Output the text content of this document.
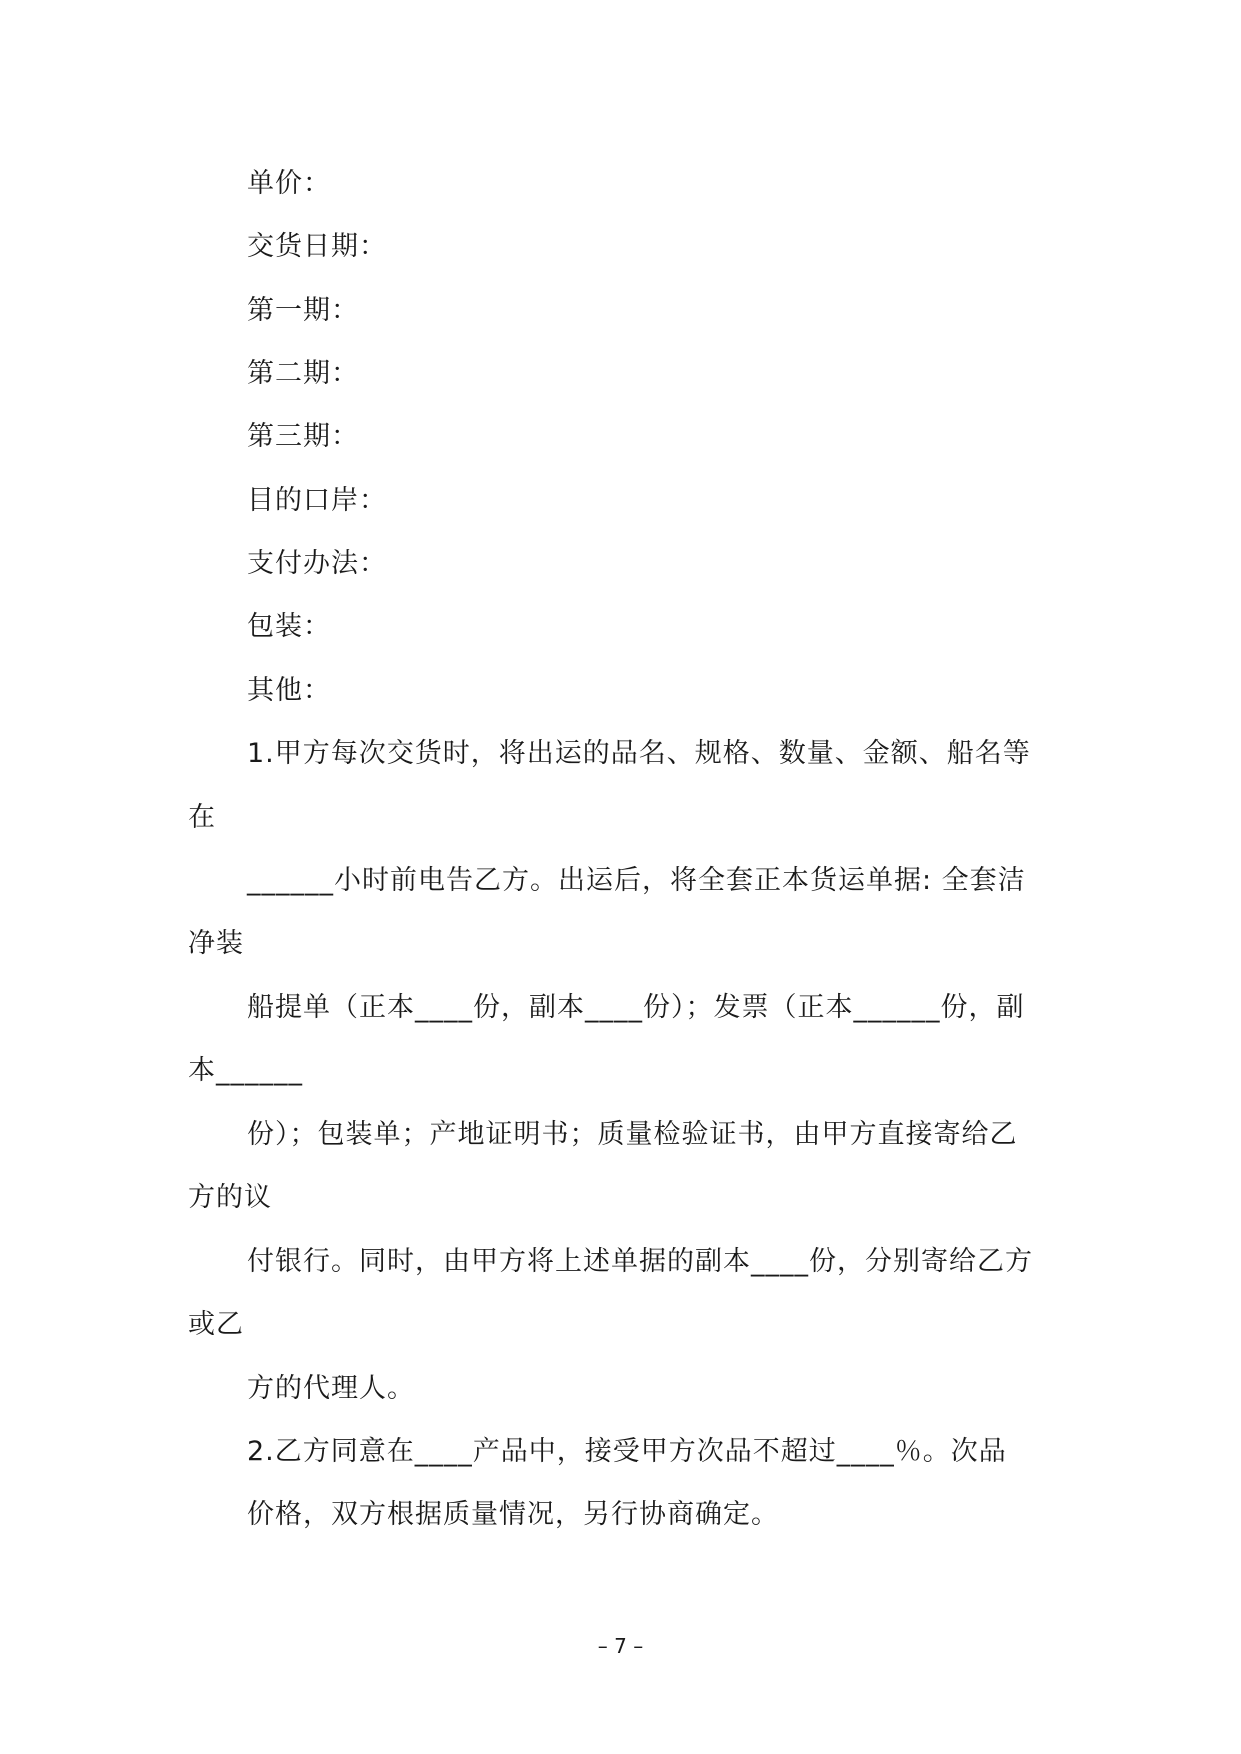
单价：
交货日期：
第一期：
第二期：
第三期：
目的口岸：
支付办法：
包装：
其他：
1.甲方每次交货时，将出运的品名、规格、数量、金额、船名等
在
______小时前电告乙方。出运后，将全套正本货运单据: 全套洁
净装
船提单（正本____份，副本____份）；发票（正本______份，副
本______
份）；包装单；产地证明书；质量检验证书，由甲方直接寄给乙
方的议
付银行。同时，由甲方将上述单据的副本____份，分别寄给乙方
或乙
方的代理人。
2.乙方同意在____产品中，接受甲方次品不超过____％。次品
价格，双方根据质量情况，另行协商确定。
– 7 –
